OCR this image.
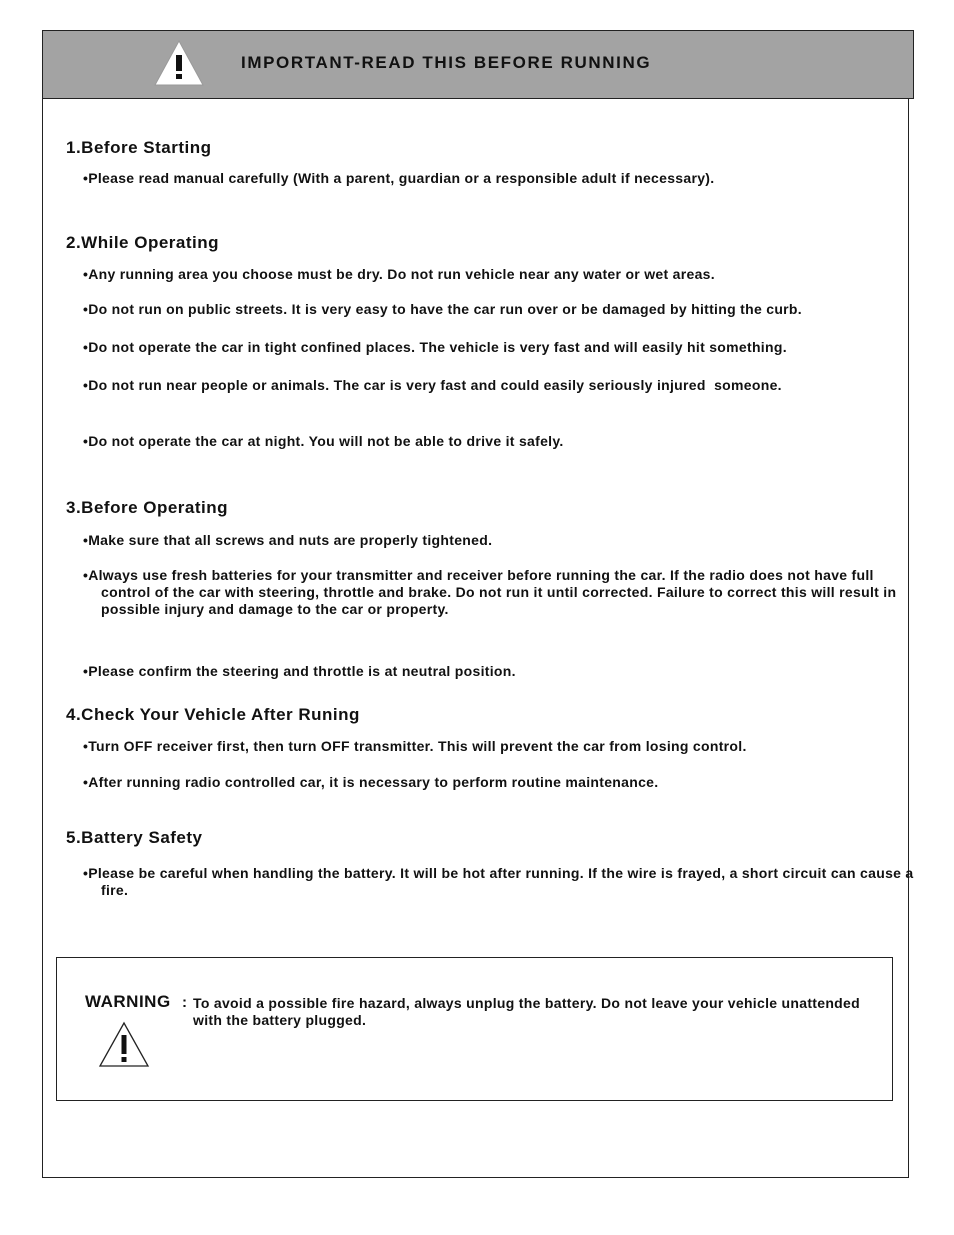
IMPORTANT-READ THIS BEFORE RUNNING
1.Before Starting
•Please read manual carefully (With a parent, guardian or a responsible adult if necessary).
2.While Operating
•Any running area you choose must be dry. Do not run vehicle near any water or wet areas.
•Do not run on public streets. It is very easy to have the car run over or be damaged by hitting the curb.
•Do not operate the car in tight confined places. The vehicle is very fast and will easily hit something.
•Do not run near people or animals. The car is very fast and could easily seriously injured  someone.
•Do not operate the car at night. You will not be able to drive it safely.
3.Before Operating
•Make sure that all screws and nuts are properly tightened.
•Always use fresh batteries for your transmitter and receiver before running the car. If the radio does not have full control of the car with steering, throttle and brake. Do not run it until corrected. Failure to correct this will result in possible injury and damage to the car or property.
•Please confirm the steering and throttle is at neutral position.
4.Check Your Vehicle After Runing
•Turn OFF receiver first, then turn OFF transmitter. This will prevent the car from losing control.
•After running radio controlled car, it is necessary to perform routine maintenance.
5.Battery Safety
•Please be careful when handling the battery. It will be hot after running. If the wire is frayed, a short circuit can cause a fire.
WARNING : To avoid a possible fire hazard, always unplug the battery. Do not leave your vehicle unattended with the battery plugged.
